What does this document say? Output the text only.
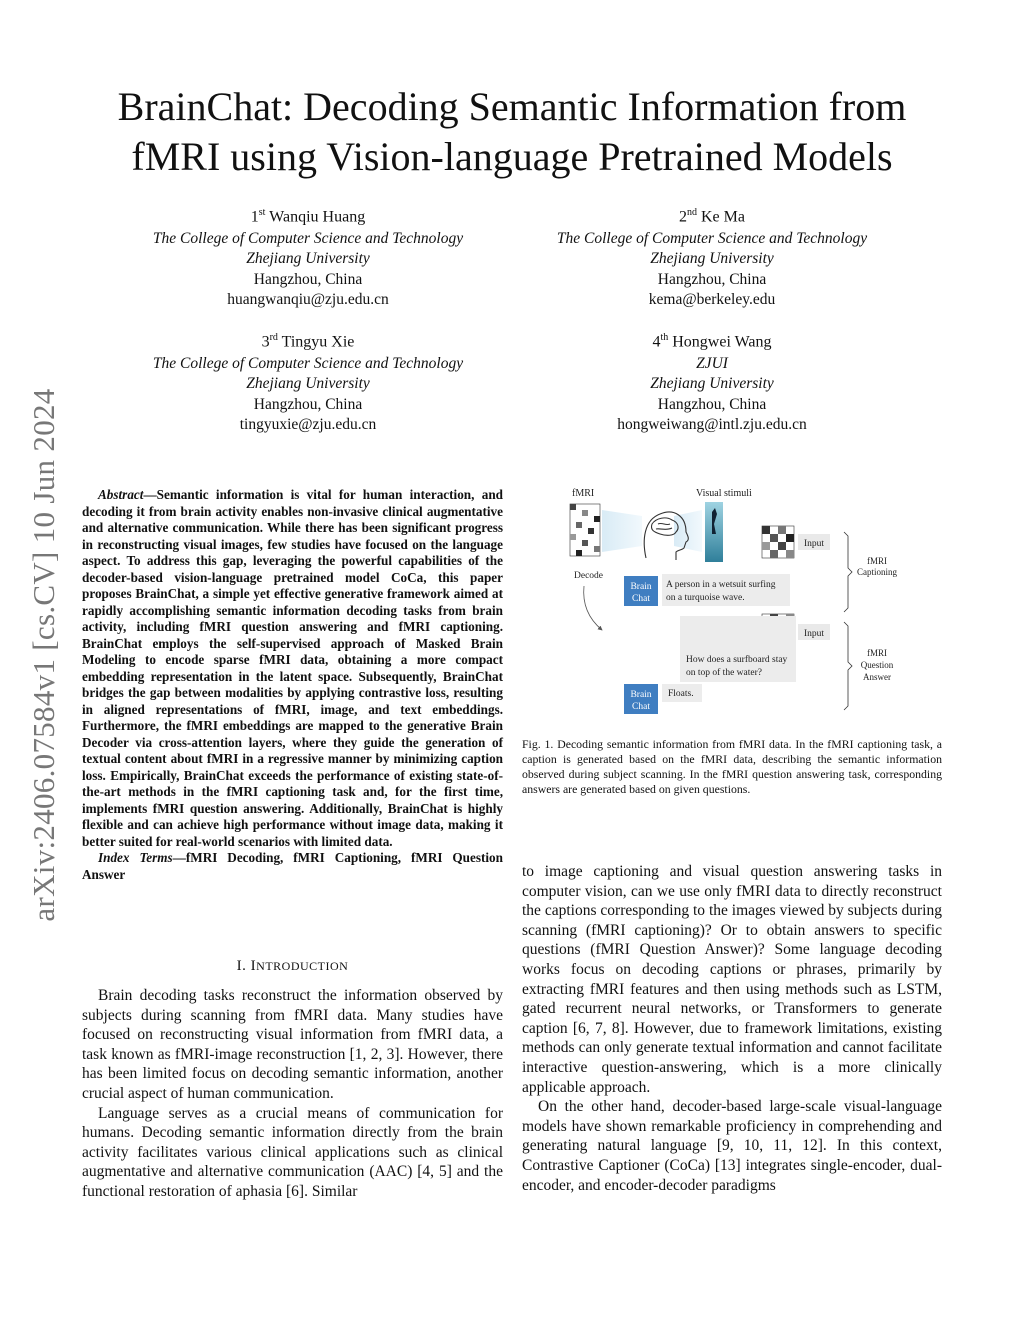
arXiv:2406.07584v1 [cs.CV] 10 Jun 2024
BrainChat: Decoding Semantic Information from
fMRI using Vision-language Pretrained Models
1st Wanqiu Huang
The College of Computer Science and Technology
Zhejiang University
Hangzhou, China
huangwanqiu@zju.edu.cn
2nd Ke Ma
The College of Computer Science and Technology
Zhejiang University
Hangzhou, China
kema@berkeley.edu
3rd Tingyu Xie
The College of Computer Science and Technology
Zhejiang University
Hangzhou, China
tingyuxie@zju.edu.cn
4th Hongwei Wang
ZJUI
Zhejiang University
Hangzhou, China
hongweiwang@intl.zju.edu.cn

Abstract—Semantic information is vital for human interaction, and decoding it from brain activity enables non-invasive clinical augmentative and alternative communication. While there has been significant progress in reconstructing visual images, few studies have focused on the language aspect. To address this gap, leveraging the powerful capabilities of the decoder-based vision-language pretrained model CoCa, this paper proposes BrainChat, a simple yet effective generative framework aimed at rapidly accomplishing semantic information decoding tasks from brain activity, including fMRI question answering and fMRI captioning. BrainChat employs the self-supervised approach of Masked Brain Modeling to encode sparse fMRI data, obtaining a more compact embedding representation in the latent space. Subsequently, BrainChat bridges the gap between modalities by applying contrastive loss, resulting in aligned representations of fMRI, image, and text embeddings. Furthermore, the fMRI embeddings are mapped to the generative Brain Decoder via cross-attention layers, where they guide the generation of textual content about fMRI in a regressive manner by minimizing caption loss. Empirically, BrainChat exceeds the performance of existing state-of-the-art methods in the fMRI captioning task and, for the first time, implements fMRI question answering. Additionally, BrainChat is highly flexible and can achieve high performance without image data, making it better suited for real-world scenarios with limited data.

Index Terms—fMRI Decoding, fMRI Captioning, fMRI Question Answer

I. INTRODUCTION

Brain decoding tasks reconstruct the information observed by subjects during scanning from fMRI data. Many studies have focused on reconstructing visual information from fMRI data, a task known as fMRI-image reconstruction [1, 2, 3]. However, there has been limited focus on decoding semantic information, another crucial aspect of human communication.

Language serves as a crucial means of communication for humans. Decoding semantic information directly from the brain activity facilitates various clinical applications such as clinical augmentative and alternative communication (AAC) [4, 5] and the functional restoration of aphasia [6]. Similar

fMRI	Visual stimuli
Decode
Input
Brain
Chat
A person in a wetsuit surfing
on a turquoise wave.
Input
How does a surfboard stay
on top of the water?
Brain
Chat
Floats.
fMRI
Captioning
fMRI
Question
Answer
Fig. 1. Decoding semantic information from fMRI data. In the fMRI captioning task, a caption is generated based on the fMRI data, describing the semantic information observed during subject scanning. In the fMRI question answering task, corresponding answers are generated based on given questions.

to image captioning and visual question answering tasks in computer vision, can we use only fMRI data to directly reconstruct the captions corresponding to the images viewed by subjects during scanning (fMRI captioning)? Or to obtain answers to specific questions (fMRI Question Answer)? Some language decoding works focus on decoding captions or phrases, primarily by extracting fMRI features and then using methods such as LSTM, gated recurrent neural networks, or Transformers to generate caption [6, 7, 8]. However, due to framework limitations, existing methods can only generate textual information and cannot facilitate interactive question-answering, which is a more clinically applicable approach.

On the other hand, decoder-based large-scale visual-language models have shown remarkable proficiency in comprehending and generating natural language [9, 10, 11, 12]. In this context, Contrastive Captioner (CoCa) [13] integrates single-encoder, dual-encoder, and encoder-decoder paradigms
